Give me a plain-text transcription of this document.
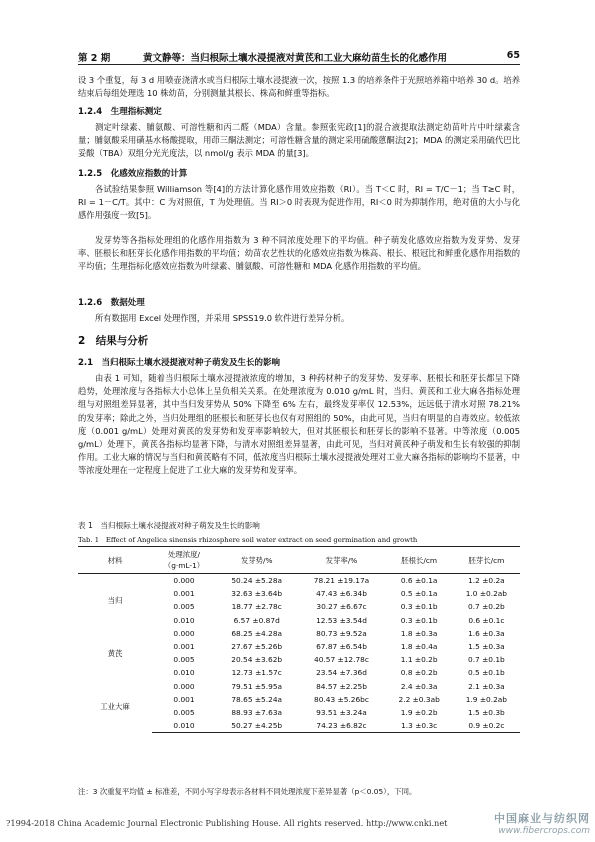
第 2 期	黄文静等：当归根际土壤水浸提液对黄芪和工业大麻幼苗生长的化感作用	65

设 3 个重复，每 3 d 用喷壶浇清水或当归根际土壤水浸提液一次，按照 1.3 的培养条件于光照培养箱中培养 30 d。培养结束后每组处理选 10 株幼苗，分别测量其根长、株高和鲜重等指标。

1.2.4　生理指标测定

测定叶绿素、脯氨酸、可溶性糖和丙二醛（MDA）含量。参照张宪政[1]的混合液提取法测定幼苗叶片中叶绿素含量；脯氨酸采用磺基水杨酸提取，用茚三酮法测定；可溶性糖含量的测定采用硫酸蒽酮法[2]；MDA 的测定采用硫代巴比妥酸（TBA）双组分光光度法，以 nmol/g 表示 MDA 的量[3]。

1.2.5　化感效应指数的计算

各试验结果参照 Williamson 等[4]的方法计算化感作用效应指数（RI）。当 T＜C 时，RI = T/C－1；当 T≥C 时，RI = 1－C/T。其中：C 为对照值，T 为处理值。当 RI＞0 时表现为促进作用，RI＜0 时为抑制作用，绝对值的大小与化感作用强度一致[5]。

发芽势等各指标处理组的化感作用指数为 3 种不同浓度处理下的平均值。种子萌发化感效应指数为发芽势、发芽率、胚根长和胚芽长化感作用指数的平均值；幼苗农艺性状的化感效应指数为株高、根长、根冠比和鲜重化感作用指数的平均值；生理指标化感效应指数为叶绿素、脯氨酸、可溶性糖和 MDA 化感作用指数的平均值。

1.2.6　数据处理

所有数据用 Excel 处理作图，并采用 SPSS19.0 软件进行差异分析。

2　结果与分析
2.1　当归根际土壤水浸提液对种子萌发及生长的影响

由表 1 可知，随着当归根际土壤水浸提液浓度的增加，3 种药材种子的发芽势、发芽率、胚根长和胚芽长都呈下降趋势，处理浓度与各指标大小总体上呈负相关关系。在处理浓度为 0.010 g/mL 时，当归、黄芪和工业大麻各指标处理组与对照组差异显著，其中当归发芽势从 50% 下降至 6% 左右，最终发芽率仅 12.53%，远远低于清水对照 78.21% 的发芽率；除此之外，当归处理组的胚根长和胚芽长也仅有对照组的 50%，由此可见，当归有明显的自毒效应。较低浓度（0.001 g/mL）处理对黄芪的发芽势和发芽率影响较大，但对其胚根长和胚芽长的影响不显著。中等浓度（0.005 g/mL）处理下，黄芪各指标均显著下降，与清水对照组差异显著，由此可见，当归对黄芪种子萌发和生长有较强的抑制作用。工业大麻的情况与当归和黄芪略有不同，低浓度当归根际土壤水浸提液处理对工业大麻各指标的影响均不显著，中等浓度处理在一定程度上促进了工业大麻的发芽势和发芽率。

表 1　当归根际土壤水浸提液对种子萌发及生长的影响
Tab. 1　Effect of Angelica sinensis rhizosphere soil water extract on seed germination and growth
材料	处理浓度/
（g·mL-1）	发芽势/%	发芽率/%	胚根长/cm	胚芽长/cm
当归	0.000	50.24 ±5.28a	78.21 ±19.17a	0.6 ±0.1a	1.2 ±0.2a
	0.001	32.63 ±3.64b	47.43 ±6.34b	0.5 ±0.1a	1.0 ±0.2ab
	0.005	18.77 ±2.78c	30.27 ±6.67c	0.3 ±0.1b	0.7 ±0.2b
	0.010	6.57 ±0.87d	12.53 ±3.54d	0.3 ±0.1b	0.6 ±0.1c
黄芪	0.000	68.25 ±4.28a	80.73 ±9.52a	1.8 ±0.3a	1.6 ±0.3a
	0.001	27.67 ±5.26b	67.87 ±6.54b	1.8 ±0.4a	1.5 ±0.3a
	0.005	20.54 ±3.62b	40.57 ±12.78c	1.1 ±0.2b	0.7 ±0.1b
	0.010	12.73 ±1.57c	23.54 ±7.36d	0.8 ±0.2b	0.5 ±0.1b
工业大麻	0.000	79.51 ±5.95a	84.57 ±2.25b	2.4 ±0.3a	2.1 ±0.3a
	0.001	78.65 ±5.24a	80.43 ±5.26bc	2.2 ±0.3ab	1.9 ±0.2ab
	0.005	88.93 ±7.63a	93.51 ±3.24a	1.9 ±0.2b	1.5 ±0.3b
	0.010	50.27 ±4.25b	74.23 ±6.82c	1.3 ±0.3c	0.9 ±0.2c
注：3 次重复平均值 ± 标准差，不同小写字母表示各材料不同处理浓度下差异显著（p＜0.05），下同。
?1994-2018 China Academic Journal Electronic Publishing House. All rights reserved. http://www.cnki.net	中国麻业与纺织网
www.fibercrops.com
